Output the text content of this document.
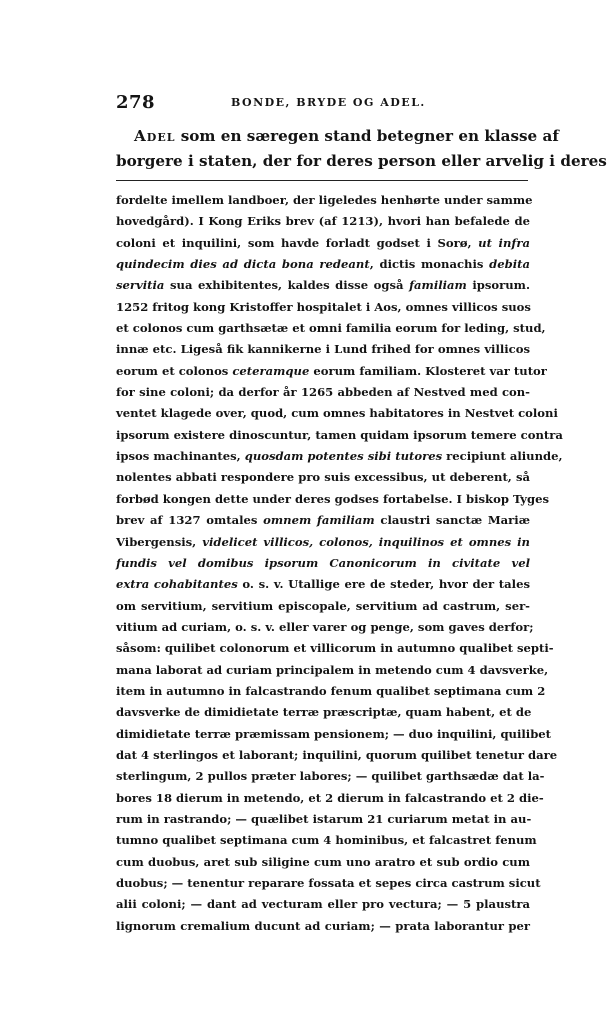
278	BONDE, BRYDE OG ADEL.
Adel som en særegen stand betegner en klasse af
borgere i staten, der for deres person eller arvelig i deres
fordelte imellem landboer, der ligeledes henhørte under samme
hovedgård). I Kong Eriks brev (af 1213), hvori han befalede de
coloni et inquilini, som havde forladt godset i Sorø, ut infra
quindecim dies ad dicta bona redeant, dictis monachis debita
servitia sua exhibitentes, kaldes disse også familiam ipsorum.
1252 fritog kong Kristoffer hospitalet i Aos, omnes villicos suos
et colonos cum garthsætæ et omni familia eorum for leding, stud,
innæ etc. Ligeså fik kannikerne i Lund frihed for omnes villicos
eorum et colonos ceteramque eorum familiam. Klosteret var tutor
for sine coloni; da derfor år 1265 abbeden af Nestved med con-
ventet klagede over, quod, cum omnes habitatores in Nestvet coloni
ipsorum existere dinoscuntur, tamen quidam ipsorum temere contra
ipsos machinantes, quosdam potentes sibi tutores recipiunt aliunde,
nolentes abbati respondere pro suis excessibus, ut deberent, så
forbød kongen dette under deres godses fortabelse. I biskop Tyges
brev af 1327 omtales omnem familiam claustri sanctæ Mariæ
Vibergensis, videlicet villicos, colonos, inquilinos et omnes in
fundis vel domibus ipsorum Canonicorum in civitate vel
extra cohabitantes o. s. v. Utallige ere de steder, hvor der tales
om servitium, servitium episcopale, servitium ad castrum, ser-
vitium ad curiam, o. s. v. eller varer og penge, som gaves derfor;
såsom: quilibet colonorum et villicorum in autumno qualibet septi-
mana laborat ad curiam principalem in metendo cum 4 davsverke,
item in autumno in falcastrando fenum qualibet septimana cum 2
davsverke de dimidietate terræ præscriptæ, quam habent, et de
dimidietate terræ præmissam pensionem; — duo inquilini, quilibet
dat 4 sterlingos et laborant; inquilini, quorum quilibet tenetur dare
sterlingum, 2 pullos præter labores; — quilibet garthsædæ dat la-
bores 18 dierum in metendo, et 2 dierum in falcastrando et 2 die-
rum in rastrando; — quælibet istarum 21 curiarum metat in au-
tumno qualibet septimana cum 4 hominibus, et falcastret fenum
cum duobus, aret sub siligine cum uno aratro et sub ordio cum
duobus; — tenentur reparare fossata et sepes circa castrum sicut
alii coloni; — dant ad vecturam eller pro vectura; — 5 plaustra
lignorum cremalium ducunt ad curiam; — prata laborantur per
